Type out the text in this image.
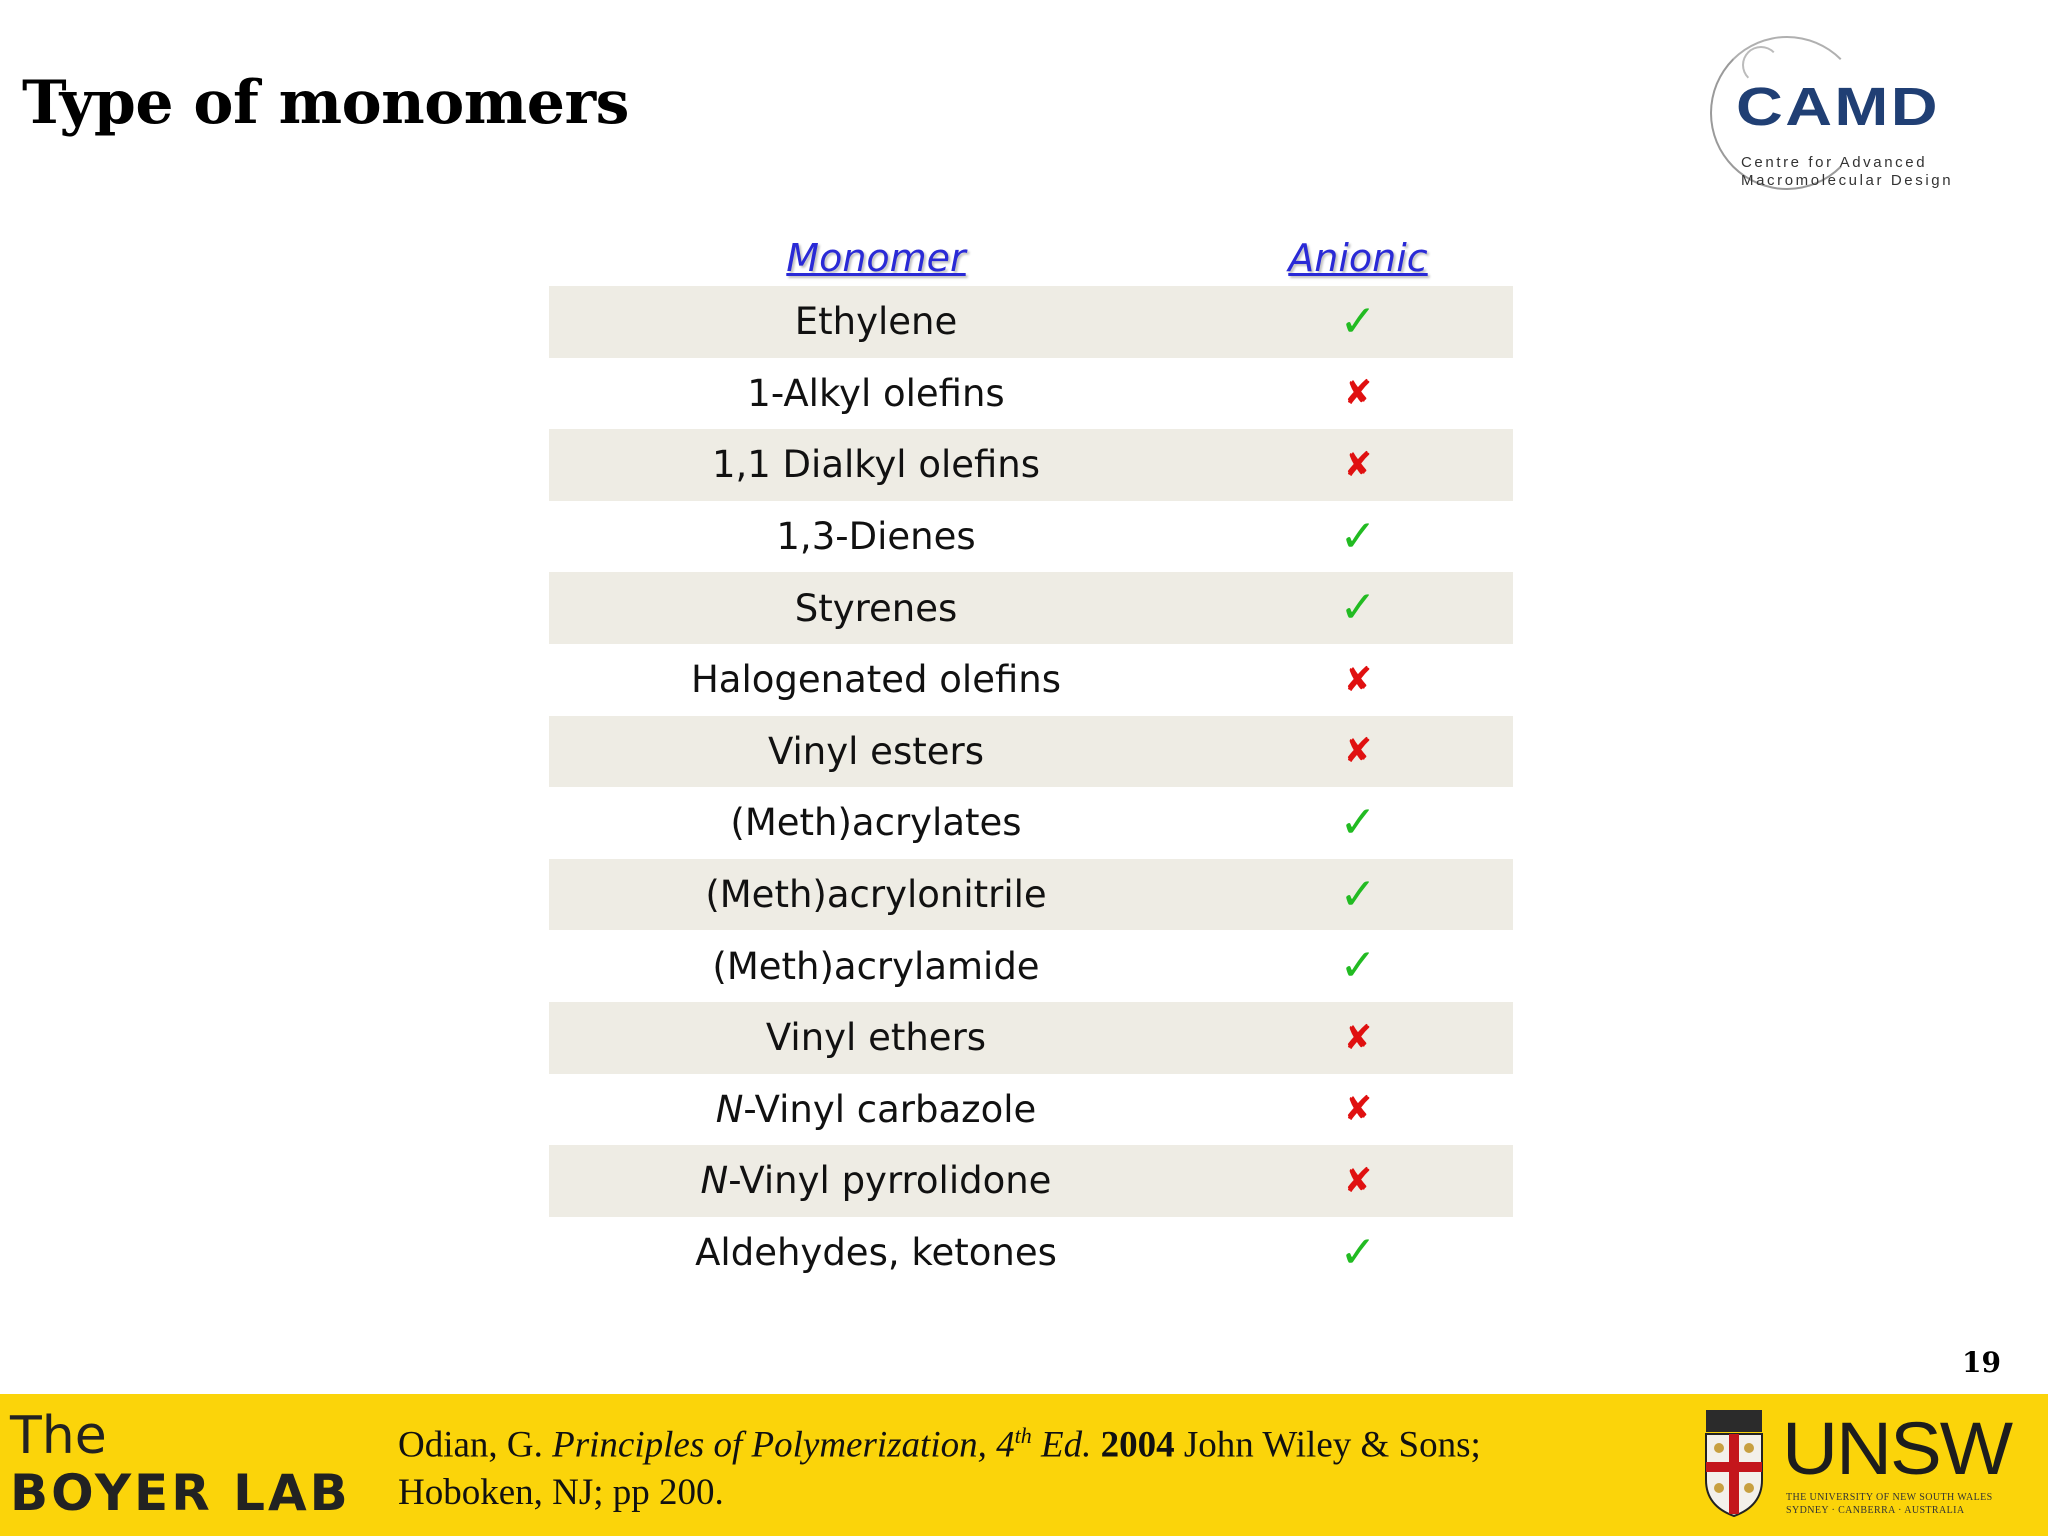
Type of monomers	CAMD
Centre for Advanced
Macromolecular Design
Monomer	Anionic
Ethylene	✓
1-Alkyl olefins	✘
1,1 Dialkyl olefins	✘
1,3-Dienes	✓
Styrenes	✓
Halogenated olefins	✘
Vinyl esters	✘
(Meth)acrylates	✓
(Meth)acrylonitrile	✓
(Meth)acrylamide	✓
Vinyl ethers	✘
N-Vinyl carbazole	✘
N-Vinyl pyrrolidone	✘
Aldehydes, ketones	✓
19
The
BOYER LAB
Odian, G. Principles of Polymerization, 4th Ed. 2004 John Wiley & Sons;
Hoboken, NJ; pp 200.
UNSW
THE UNIVERSITY OF NEW SOUTH WALES
SYDNEY · CANBERRA · AUSTRALIA
